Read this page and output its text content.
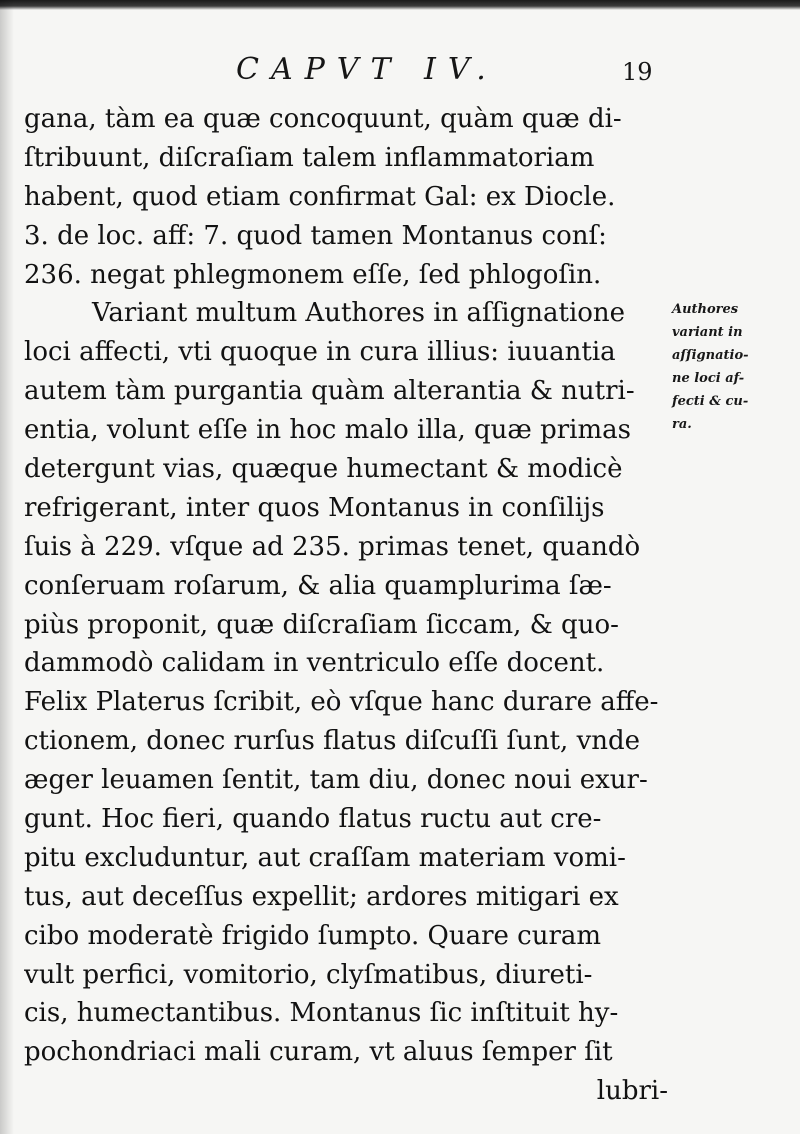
CAPVT IV.	19
gana, tàm ea quæ concoquunt, quàm quæ di-
ſtribuunt, diſcraſiam talem inflammatoriam
habent, quod etiam confirmat Gal: ex Diocle.
3. de loc. aff: 7. quod tamen Montanus conſ:
236. negat phlegmonem eſſe, ſed phlogoſin.
Variant multum Authores in aſſignatione
loci affecti, vti quoque in cura illius: iuuantia
autem tàm purgantia quàm alterantia & nutri-
entia, volunt eſſe in hoc malo illa, quæ primas
detergunt vias, quæque humectant & modicè
refrigerant, inter quos Montanus in conſilijs
ſuis à 229. vſque ad 235. primas tenet, quandò
conſeruam roſarum, & alia quamplurima ſæ-
piùs proponit, quæ diſcraſiam ſiccam, & quo-
dammodò calidam in ventriculo eſſe docent.
Felix Platerus ſcribit, eò vſque hanc durare affe-
ctionem, donec rurſus flatus diſcuſſi ſunt, vnde
æger leuamen ſentit, tam diu, donec noui exur-
gunt. Hoc fieri, quando flatus ructu aut cre-
pitu excluduntur, aut craſſam materiam vomi-
tus, aut deceſſus expellit; ardores mitigari ex
cibo moderatè frigido ſumpto. Quare curam
vult perfici, vomitorio, clyſmatibus, diureti-
cis, humectantibus. Montanus ſic inſtituit hy-
pochondriaci mali curam, vt aluus ſemper ſit
lubri-
Authores
variant in
aſſignatio-
ne loci af-
fecti & cu-
ra.
